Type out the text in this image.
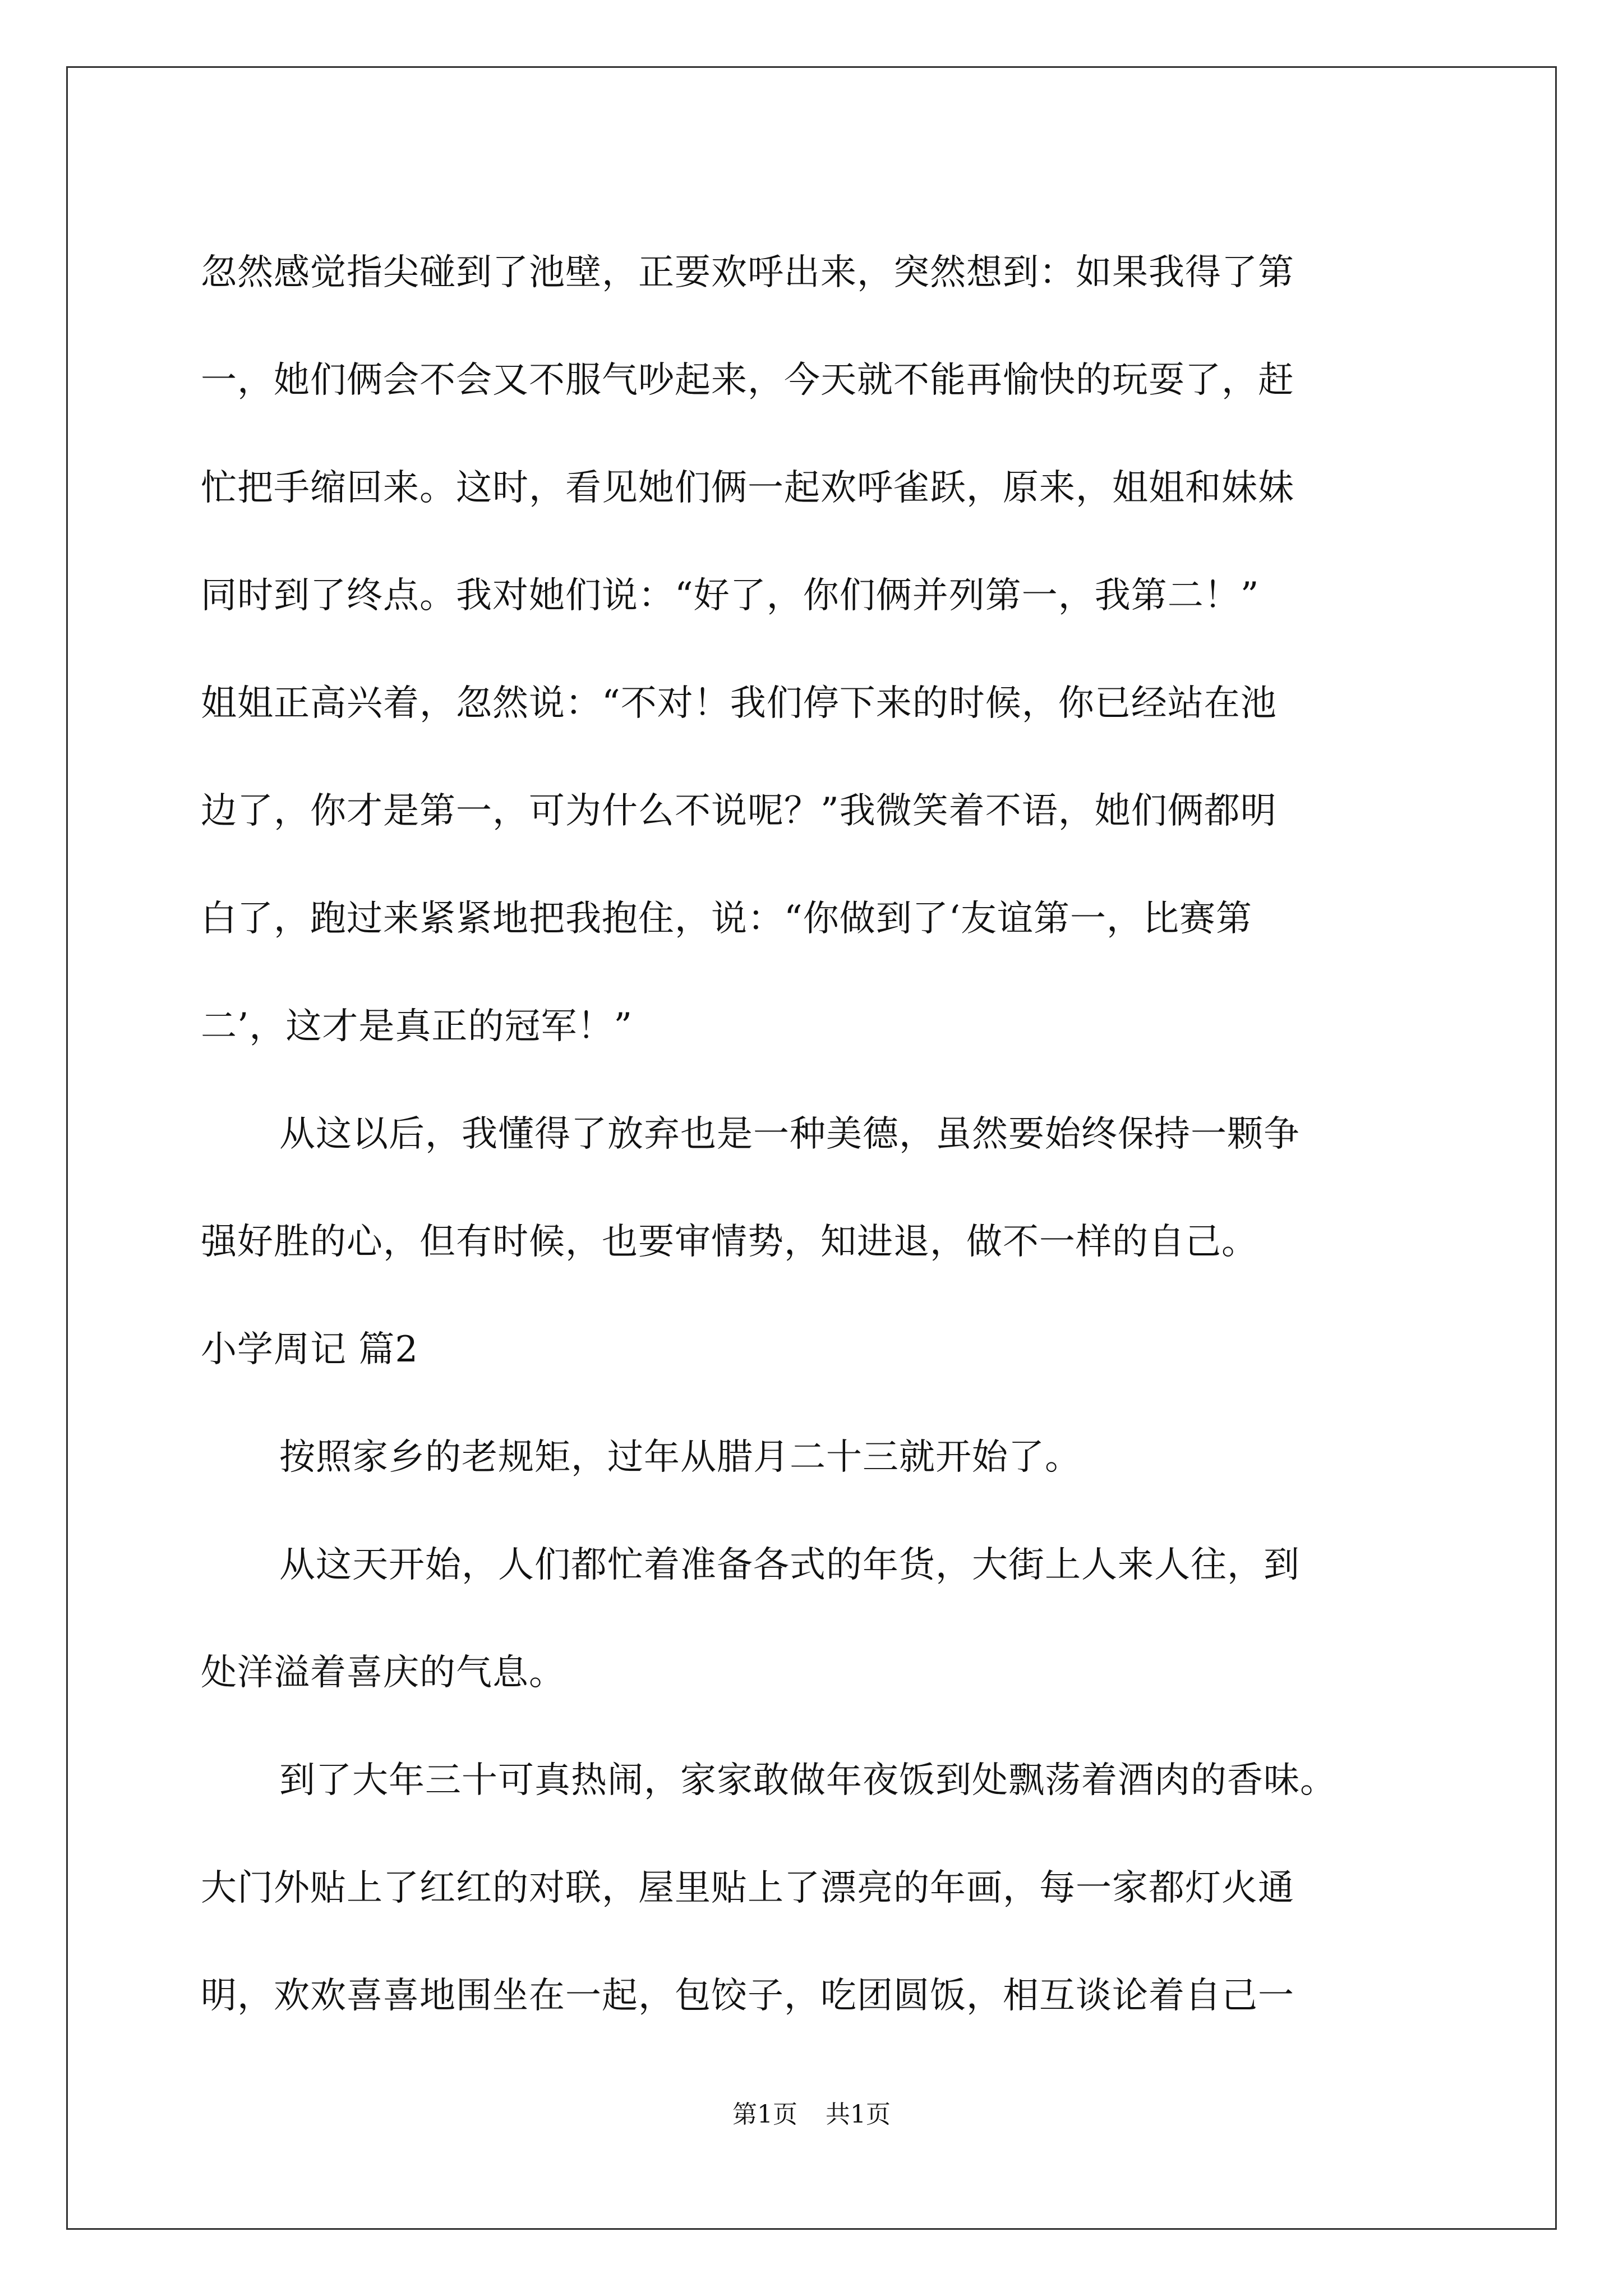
忽然感觉指尖碰到了池壁，正要欢呼出来，突然想到：如果我得了第
一，她们俩会不会又不服气吵起来，今天就不能再愉快的玩耍了，赶
忙把手缩回来。这时，看见她们俩一起欢呼雀跃，原来，姐姐和妹妹
同时到了终点。我对她们说：“好了，你们俩并列第一，我第二！”
姐姐正高兴着，忽然说：“不对！我们停下来的时候，你已经站在池
边了，你才是第一，可为什么不说呢？”我微笑着不语，她们俩都明
白了，跑过来紧紧地把我抱住，说：“你做到了‘友谊第一，比赛第
二’，这才是真正的冠军！”
从这以后，我懂得了放弃也是一种美德，虽然要始终保持一颗争
强好胜的心，但有时候，也要审情势，知进退，做不一样的自己。
小学周记 篇2
按照家乡的老规矩，过年从腊月二十三就开始了。
从这天开始，人们都忙着准备各式的年货，大街上人来人往，到
处洋溢着喜庆的气息。
到了大年三十可真热闹，家家敢做年夜饭到处飘荡着酒肉的香味。
大门外贴上了红红的对联，屋里贴上了漂亮的年画，每一家都灯火通
明，欢欢喜喜地围坐在一起，包饺子，吃团圆饭，相互谈论着自己一
第1页 共1页
